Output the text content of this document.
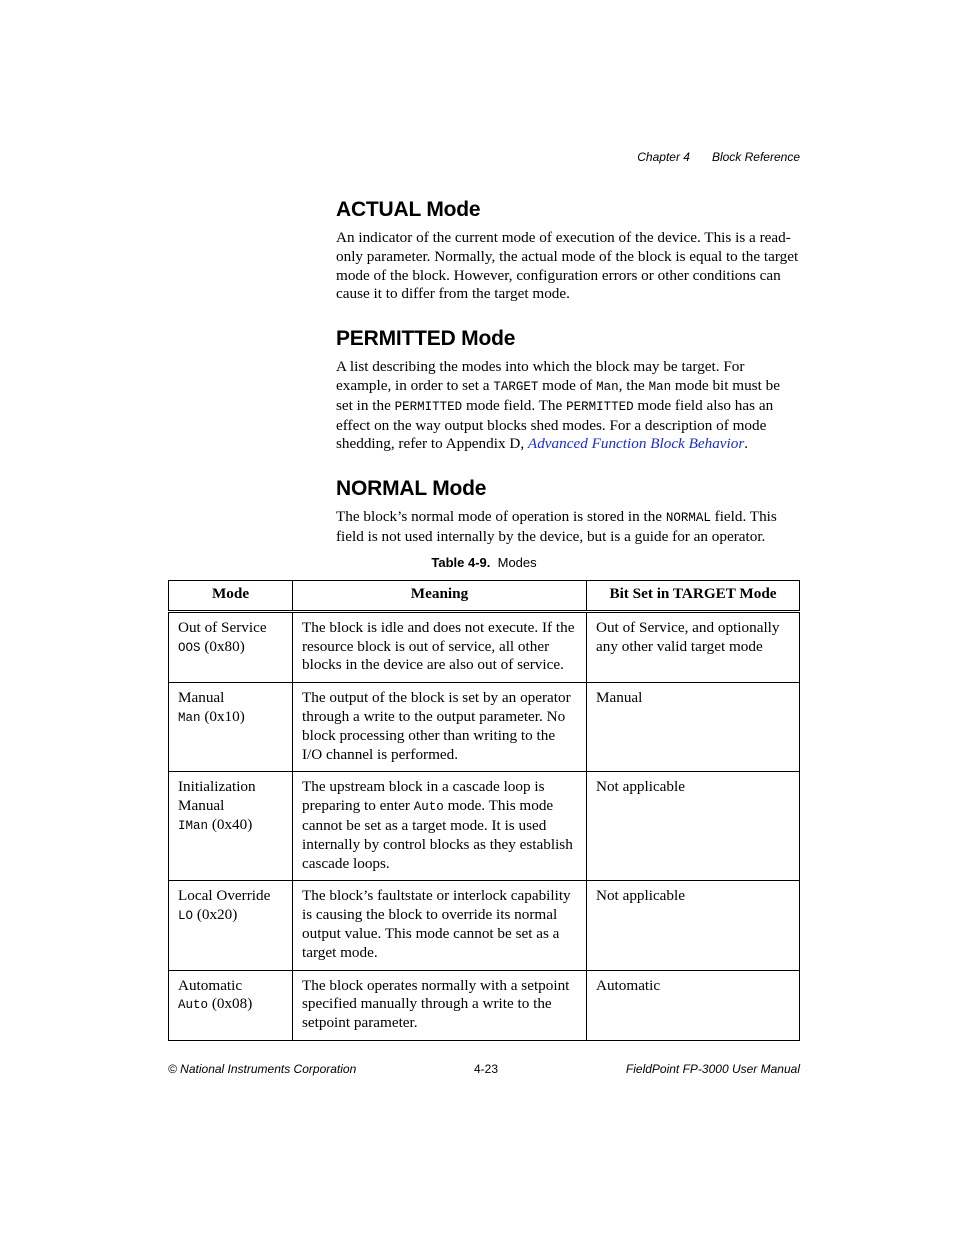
Chapter 4 Block Reference
ACTUAL Mode

An indicator of the current mode of execution of the device. This is a read-only parameter. Normally, the actual mode of the block is equal to the target mode of the block. However, configuration errors or other conditions can cause it to differ from the target mode.

PERMITTED Mode

A list describing the modes into which the block may be target. For example, in order to set a TARGET mode of Man, the Man mode bit must be set in the PERMITTED mode field. The PERMITTED mode field also has an effect on the way output blocks shed modes. For a description of mode shedding, refer to Appendix D, Advanced Function Block Behavior.

NORMAL Mode

The block’s normal mode of operation is stored in the NORMAL field. This field is not used internally by the device, but is a guide for an operator.

Table 4-9. Modes
Mode	Meaning	Bit Set in TARGET Mode
Out of Service
OOS (0x80)	The block is idle and does not execute. If the resource block is out of service, all other blocks in the device are also out of service.	Out of Service, and optionally any other valid target mode
Manual
Man (0x10)	The output of the block is set by an operator through a write to the output parameter. No block processing other than writing to the I/O channel is performed.	Manual
Initialization Manual
IMan (0x40)	The upstream block in a cascade loop is preparing to enter Auto mode. This mode cannot be set as a target mode. It is used internally by control blocks as they establish cascade loops.	Not applicable
Local Override
LO (0x20)	The block’s faultstate or interlock capability is causing the block to override its normal output value. This mode cannot be set as a target mode.	Not applicable
Automatic
Auto (0x08)	The block operates normally with a setpoint specified manually through a write to the setpoint parameter.	Automatic
© National Instruments Corporation	4-23	FieldPoint FP-3000 User Manual
